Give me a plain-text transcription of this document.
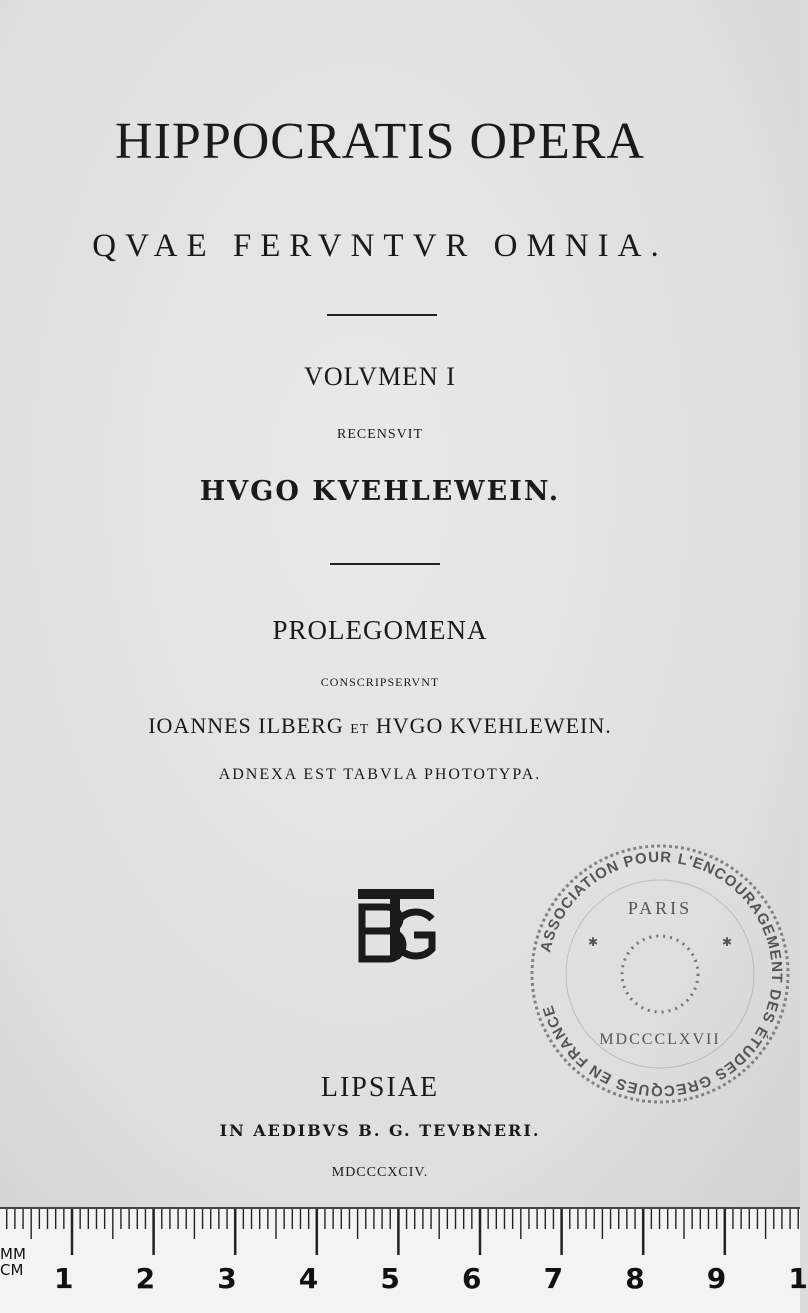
HIPPOCRATIS OPERA
QVAE FERVNTVR OMNIA.
VOLVMEN I
RECENSVIT
HVGO KVEHLEWEIN.
PROLEGOMENA
CONSCRIPSERVNT
IOANNES ILBERG ET HVGO KVEHLEWEIN.
ADNEXA EST TABVLA PHOTOTYPA.
LIPSIAE
IN AEDIBVS B. G. TEVBNERI.
MDCCCXCIV.
ASSOCIATION POUR L'ENCOURAGEMENT DES ÉTUDES GRECQUES EN FRANCE
PARIS
MDCCCLXVII
✱	✱
MM
CM 1 2 3 4 5 6 7 8 9 1
